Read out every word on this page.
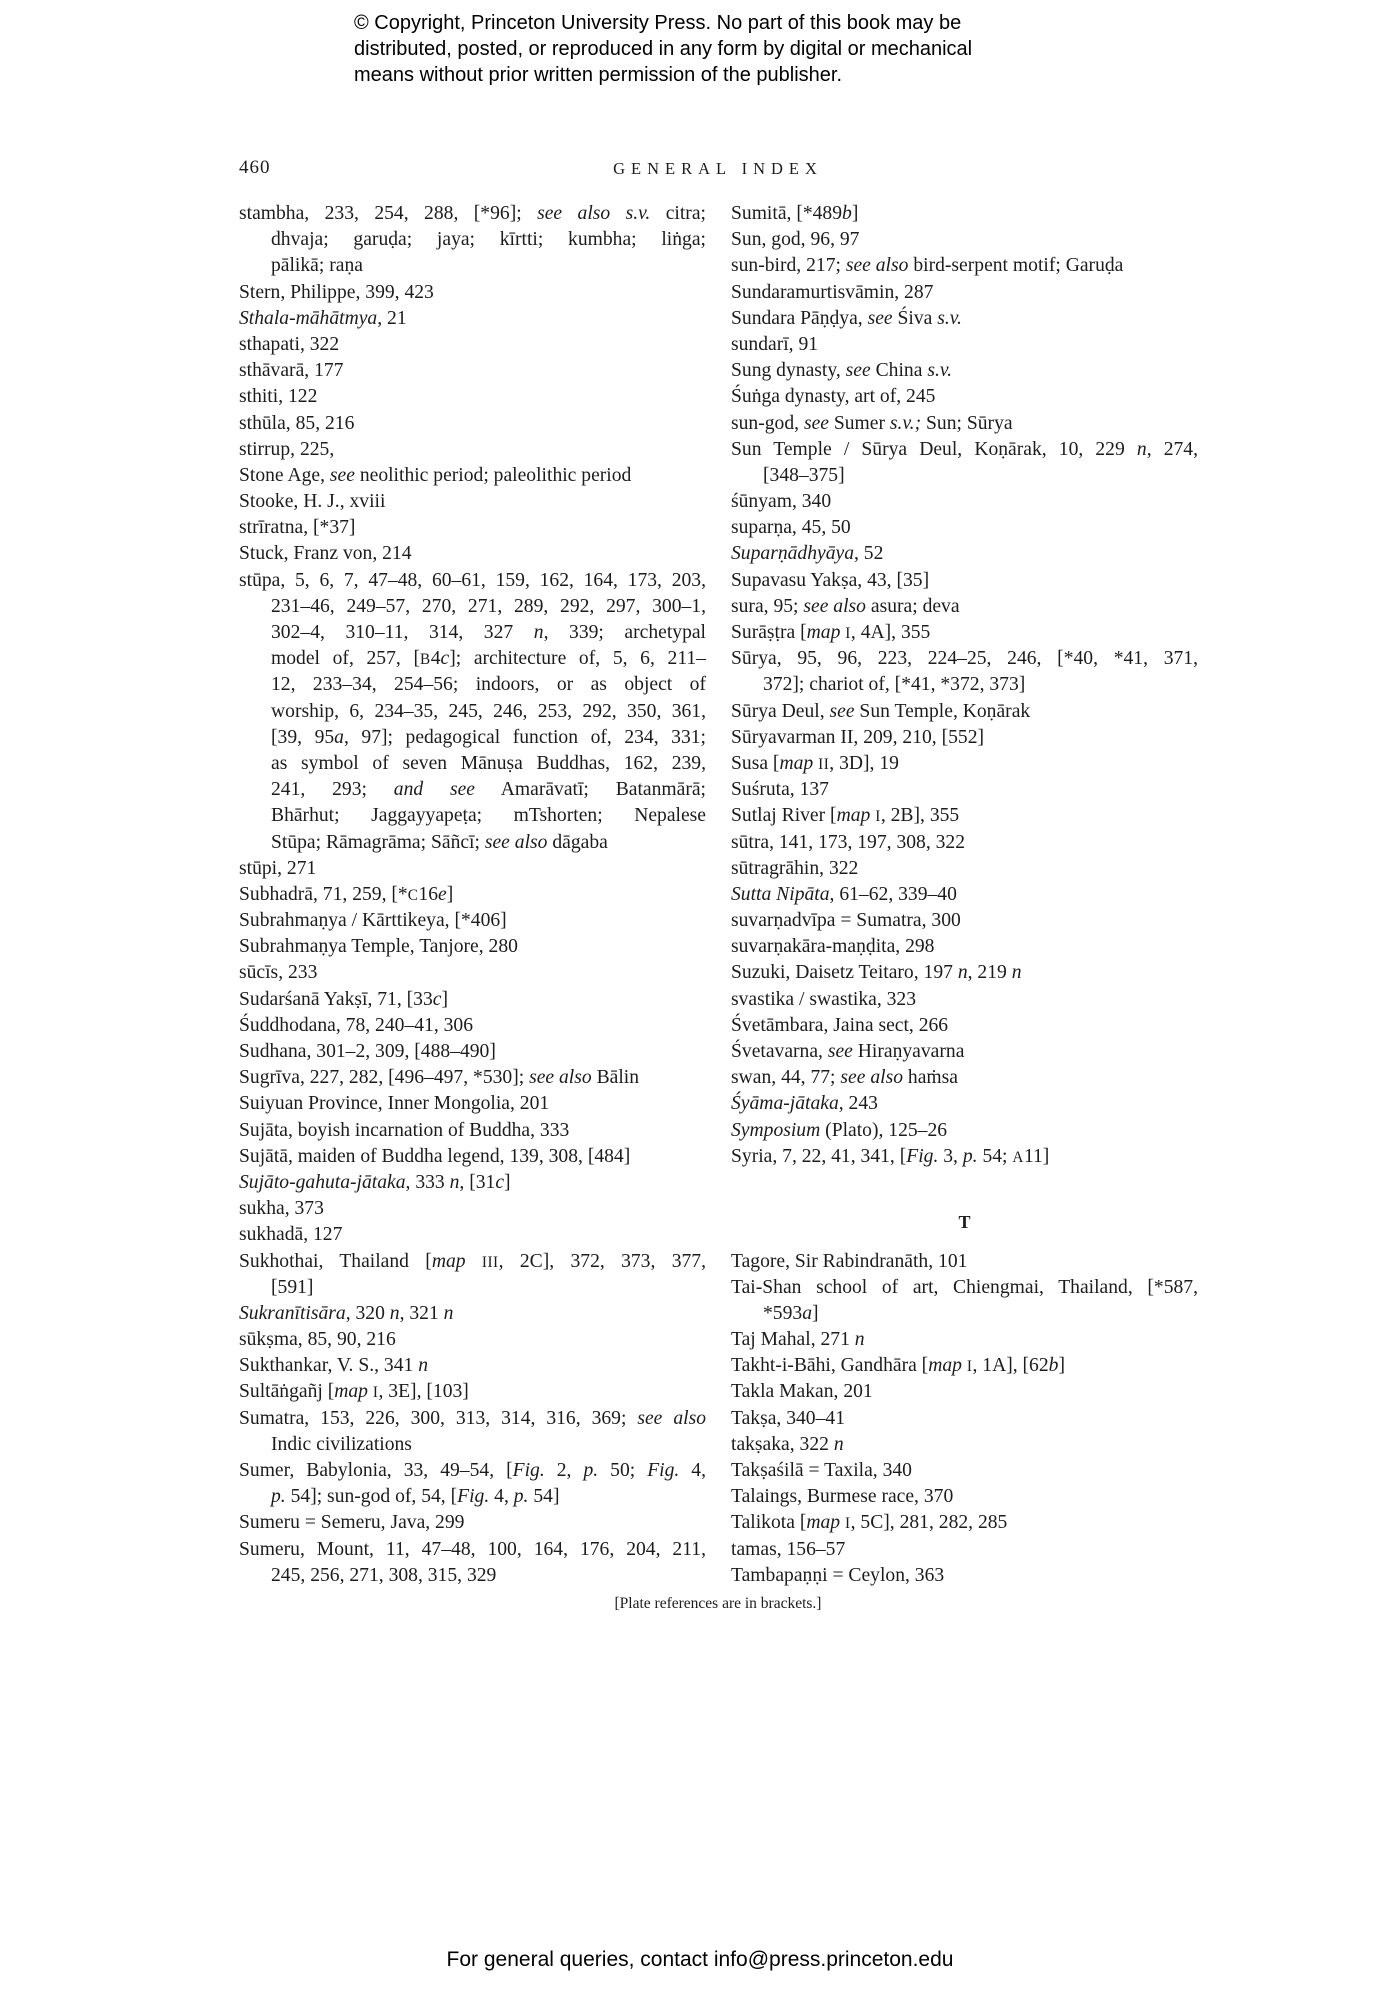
© Copyright, Princeton University Press. No part of this book may be
distributed, posted, or reproduced in any form by digital or mechanical
means without prior written permission of the publisher.
460	GENERAL INDEX
stambha, 233, 254, 288, [*96]; see also s.v. citra;
dhvaja; garuḍa; jaya; kīrtti; kumbha; liṅga;
pālikā; raṇa
Stern, Philippe, 399, 423
Sthala-māhātmya, 21
sthapati, 322
sthāvarā, 177
sthiti, 122
sthūla, 85, 216
stirrup, 225,
Stone Age, see neolithic period; paleolithic period
Stooke, H. J., xviii
strīratna, [*37]
Stuck, Franz von, 214
stūpa, 5, 6, 7, 47–48, 60–61, 159, 162, 164, 173, 203,
231–46, 249–57, 270, 271, 289, 292, 297, 300–1,
302–4, 310–11, 314, 327 n, 339; archetypal
model of, 257, [B4c]; architecture of, 5, 6, 211–
12, 233–34, 254–56; indoors, or as object of
worship, 6, 234–35, 245, 246, 253, 292, 350, 361,
[39, 95a, 97]; pedagogical function of, 234, 331;
as symbol of seven Mānuṣa Buddhas, 162, 239,
241, 293; and see Amarāvatī; Batanmārā;
Bhārhut; Jaggayyapeṭa; mTshorten; Nepalese
Stūpa; Rāmagrāma; Sāñcī; see also dāgaba
stūpi, 271
Subhadrā, 71, 259, [*C16e]
Subrahmaṇya / Kārttikeya, [*406]
Subrahmaṇya Temple, Tanjore, 280
sūcīs, 233
Sudarśanā Yakṣī, 71, [33c]
Śuddhodana, 78, 240–41, 306
Sudhana, 301–2, 309, [488–490]
Sugrīva, 227, 282, [496–497, *530]; see also Bālin
Suiyuan Province, Inner Mongolia, 201
Sujāta, boyish incarnation of Buddha, 333
Sujātā, maiden of Buddha legend, 139, 308, [484]
Sujāto-gahuta-jātaka, 333 n, [31c]
sukha, 373
sukhadā, 127
Sukhothai, Thailand [map III, 2C], 372, 373, 377,
[591]
Sukranītisāra, 320 n, 321 n
sūkṣma, 85, 90, 216
Sukthankar, V. S., 341 n
Sultāṅgañj [map I, 3E], [103]
Sumatra, 153, 226, 300, 313, 314, 316, 369; see also
Indic civilizations
Sumer, Babylonia, 33, 49–54, [Fig. 2, p. 50; Fig. 4,
p. 54]; sun-god of, 54, [Fig. 4, p. 54]
Sumeru = Semeru, Java, 299
Sumeru, Mount, 11, 47–48, 100, 164, 176, 204, 211,
245, 256, 271, 308, 315, 329
Sumitā, [*489b]
Sun, god, 96, 97
sun-bird, 217; see also bird-serpent motif; Garuḍa
Sundaramurtisvāmin, 287
Sundara Pāṇḍya, see Śiva s.v.
sundarī, 91
Sung dynasty, see China s.v.
Śuṅga dynasty, art of, 245
sun-god, see Sumer s.v.; Sun; Sūrya
Sun Temple / Sūrya Deul, Koṇārak, 10, 229 n, 274,
[348–375]
śūnyam, 340
suparṇa, 45, 50
Suparṇādhyāya, 52
Supavasu Yakṣa, 43, [35]
sura, 95; see also asura; deva
Surāṣṭra [map I, 4A], 355
Sūrya, 95, 96, 223, 224–25, 246, [*40, *41, 371,
372]; chariot of, [*41, *372, 373]
Sūrya Deul, see Sun Temple, Koṇārak
Sūryavarman II, 209, 210, [552]
Susa [map II, 3D], 19
Suśruta, 137
Sutlaj River [map I, 2B], 355
sūtra, 141, 173, 197, 308, 322
sūtragrāhin, 322
Sutta Nipāta, 61–62, 339–40
suvarṇadvīpa = Sumatra, 300
suvarṇakāra-maṇḍita, 298
Suzuki, Daisetz Teitaro, 197 n, 219 n
svastika / swastika, 323
Śvetāmbara, Jaina sect, 266
Śvetavarna, see Hiraṇyavarna
swan, 44, 77; see also haṁsa
Śyāma-jātaka, 243
Symposium (Plato), 125–26
Syria, 7, 22, 41, 341, [Fig. 3, p. 54; A11]
T
Tagore, Sir Rabindranāth, 101
Tai-Shan school of art, Chiengmai, Thailand, [*587,
*593a]
Taj Mahal, 271 n
Takht-i-Bāhi, Gandhāra [map I, 1A], [62b]
Takla Makan, 201
Takṣa, 340–41
takṣaka, 322 n
Takṣaśilā = Taxila, 340
Talaings, Burmese race, 370
Talikota [map I, 5C], 281, 282, 285
tamas, 156–57
Tambapaṇṇi = Ceylon, 363
[Plate references are in brackets.]
For general queries, contact info@press.princeton.edu
